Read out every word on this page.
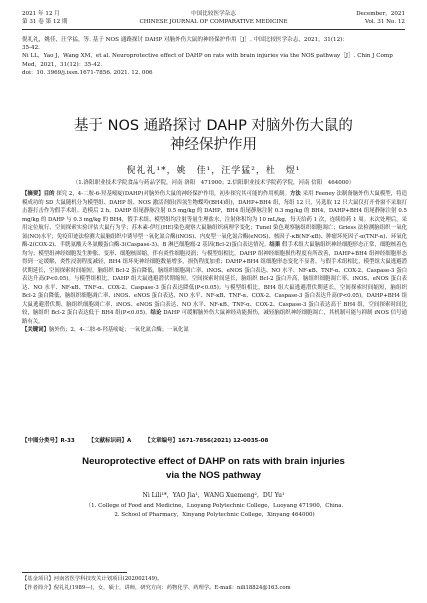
2021 年 12 月	中国比较医学杂志	December，2021
第 31 卷 第 12 期	CHINESE JOURNAL OF COMPARATIVE MEDICINE	Vol. 31 No. 12
倪礼礼，姚佳，汪学猛，等. 基于 NOS 通路探讨 DAHP 对脑外伤大鼠的神经保护作用［J］. 中国比较医学杂志，2021，31(12)：
35-42.
Ni LL，Yao J，Wang XM，et al. Neuroprotective effect of DAHP on rats with brain injuries via the NOS pathway［J］. Chin J Comp
Med，2021，31(12)：35-42.
doi：10. 3969/j.issn.1671-7856. 2021. 12. 006
基于 NOS 通路探讨 DAHP 对脑外伤大鼠的
神经保护作用
倪礼礼¹*，姚　佳¹，汪学猛²，杜　煜¹
（1.洛阳职业技术学院食品与药品学院，河南 洛阳　471900；2.信阳职业技术学院药学院，河南 信阳　464000）
【摘要】目的 探究 2，4-二胺-6-羟基嘧啶(DAHP)对脑外伤大鼠的神经保护作用，初步探究其可能的作用机制。方法 采用 Feeney 法制备脑外伤大鼠模型，将造模成功的 SD 大鼠随机分为模型组、DAHP 组、NOS 激活剂组(四氢生物蝶呤(BH4)组)，DAHP+BH4 组，每组 12 只，另选取 12 只大鼠仅打开骨窗不采取打击器打击作为假手术组。造模后 2 h，DAHP 组尾静脉注射 0.5 mg/kg 的 DAHP，BH4 组尾静脉注射 0.3 mg/kg 的 BH4，DAHP+BH4 组尾静脉注射 0.5 mg/kg 的 DAHP 与 0.3 mg/kg 的 BH4，假手术组、模型组均注射等量生理盐水，注射体积均为 10 mL/kg，每天给药 1 次，连续给药 1 周。末次处理后，采用定位航行、空间探索实验评估大鼠行为学；苏木素-伊红(HE)染色观察大鼠脑组织病理学变化；Tunel 染色观察脑组织细胞凋亡；Griess 法检测脑组织一氧化氮(NO)水平；免疫印迹法检测大鼠脑组织中诱导型一氧化氮合酶(iNOS)、内皮型一氧化氮合酶(eNOS)、核因子-κB(NF-κB)、肿瘤坏死因子-α(TNF-α)、环氧化酶-2(COX-2)、半胱氨酸天冬氨酸蛋白酶-3(Caspase-3)、B 淋巴细胞瘤-2 基因(Bcl-2)蛋白表达情况。结果 假手术组大鼠脑组织神经细胞形态正常，细胞核着色均匀；模型组神经细胞发生肿胀、变形、细胞核固缩，伴有炎性细胞浸润；与模型组相比，DAHP 组神经细胞损伤程度有所改善，DAHP+BH4 组神经细胞形态得到一定缓解，炎性浸润程度减轻，BH4 组坏死神经细胞数量增多，损伤程度加重；DAHP+BH4 组细胞形态变化不显著。与假手术组相比，模型组大鼠逃避潜伏期延长，空间探索时间缩短，脑组织 Bcl-2 蛋白降低，脑组织细胞凋亡率、iNOS、eNOS 蛋白表达、NO 水平、NF-κB、TNF-α、COX-2、Caspase-3 蛋白表达升高(P<0.05)。与模型组相比，DAHP 组大鼠逃避潜伏期缩短，空间探索时间延长，脑组织 Bcl-2 蛋白升高，脑组织细胞凋亡率、iNOS、eNOS 蛋白表达、NO 水平、NF-κB、TNF-α、COX-2、Caspase-3 蛋白表达降低(P<0.05)；与模型组相比，BH4 组大鼠逃避潜伏期延长，空间探索时间缩短，脑组织 Bcl-2 蛋白降低，脑组织细胞凋亡率、iNOS、eNOS 蛋白表达、NO 水平、NF-κB、TNF-α、COX-2、Caspase-3 蛋白表达升高(P<0.05)。DAHP+BH4 组大鼠逃避潜伏期、脑组织细胞凋亡率、iNOS、eNOS 蛋白表达、NO 水平、NF-κB、TNF-α、COX-2、Caspase-3 蛋白表达高于 BH4 组，空间探索时间比较，脑组织 Bcl-2 蛋白表达低于 BH4 组(P<0.05)。结论 DAHP 可缓解脑外伤大鼠神经功能损伤，减轻脑组织神经细胞凋亡，其机制可能与抑制 iNOS 信号通路有关。
【关键词】脑外伤；2，4-二胺-6-羟基嘧啶；一氧化氮合酶；一氧化氮
【中图分类号】R-33	【文献标识码】A	【文章编号】1671-7856(2021) 12-0035-08
Neuroprotective effect of DAHP on rats with brain injuries
via the NOS pathway
Ni Lili¹*，YAO Jia¹，WANG Xuemeng²，DU Yu¹
（1. College of Food and Medicine，Luoyang Polytechnic College，Luoyang 471900，China.
2. School of Pharmacy，Xinyang Polytechnic College，Xinyang 464000)
【基金项目】河南省医学科技攻关计划项目(202002149)。
【作者简介】倪礼礼(1989—)，女，硕士，讲师，研究方向：药物化学、药理学。E-mail：nili18824@163.com
